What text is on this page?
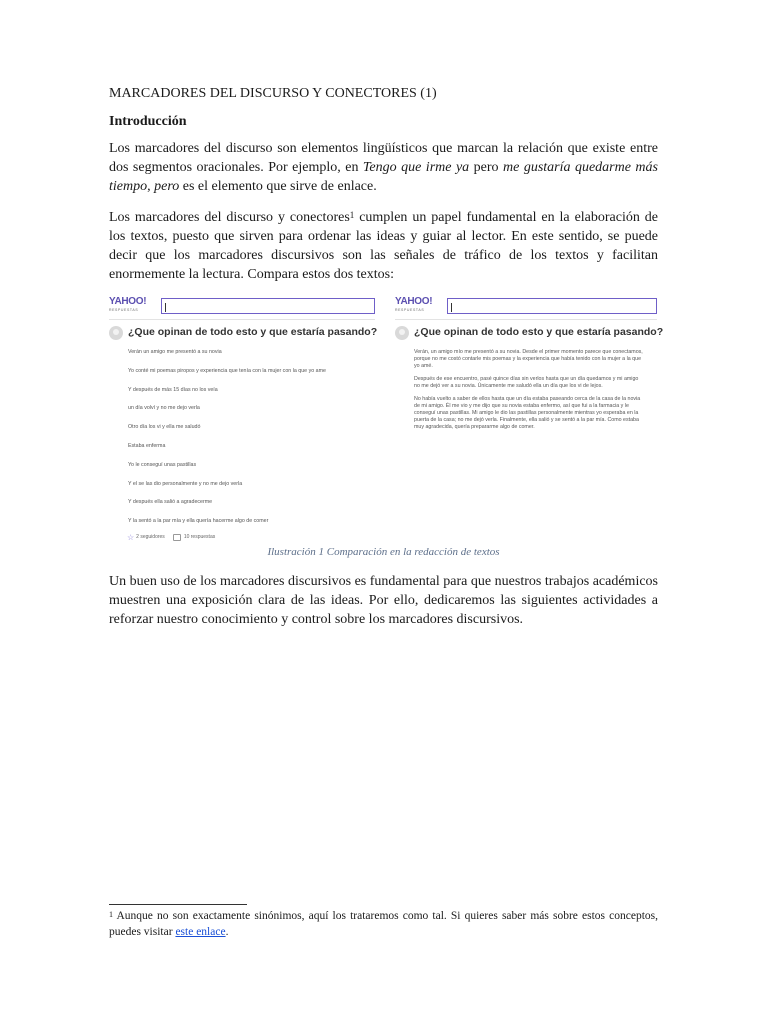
MARCADORES DEL DISCURSO Y CONECTORES (1)
Introducción

Los marcadores del discurso son elementos lingüísticos que marcan la relación que existe entre dos segmentos oracionales. Por ejemplo, en Tengo que irme ya pero me gustaría quedarme más tiempo, pero es el elemento que sirve de enlace.

Los marcadores del discurso y conectores$^1$ cumplen un papel fundamental en la elaboración de los textos, puesto que sirven para ordenar las ideas y guiar al lector. En este sentido, se puede decir que los marcadores discursivos son las señales de tráfico de los textos y facilitan enormemente la lectura. Compara estos dos textos:

YAHOO!
RESPUESTAS
¿Que opinan de todo esto y que estaría pasando?
Verán un amigo me presentó a su novia
Yo conté mi poemas piropos y experiencia que tenía con la mujer con la que yo ame
Y después de más 15 días no los veía
un día volví y no me dejo verla
Otro día los vi y ella me saludó
Estaba enferma
Yo le conseguí unas pastillas
Y el se las dio personalmente y no me dejo verla
Y después ella salió a agradecerme
Y la sentó a la par mía y ella quería hacerme algo de comer
☆ 2 seguidores	10 respuestas
YAHOO!
RESPUESTAS
¿Que opinan de todo esto y que estaría pasando?

Verán, un amigo mío me presentó a su novia. Desde el primer momento parece que conectamos, porque no me costó contarle mis poemas y la experiencia que había tenido con la mujer a la que yo amé.

Después de ese encuentro, pasé quince días sin verlos hasta que un día quedamos y mi amigo no me dejó ver a su novia. Únicamente me saludó ella un día que los vi de lejos.

No había vuelto a saber de ellos hasta que un día estaba paseando cerca de la casa de la novia de mi amigo. Él me vio y me dijo que su novia estaba enfermo, así que fui a la farmacia y le conseguí unas pastillas. Mi amigo le dio las pastillas personalmente mientras yo esperaba en la puerta de la casa; no me dejó verla. Finalmente, ella salió y se sentó a la par mía. Como estaba muy agradecida, quería prepararme algo de comer.

Ilustración 1 Comparación en la redacción de textos

Un buen uso de los marcadores discursivos es fundamental para que nuestros trabajos académicos muestren una exposición clara de las ideas. Por ello, dedicaremos las siguientes actividades a reforzar nuestro conocimiento y control sobre los marcadores discursivos.

$^1$ Aunque no son exactamente sinónimos, aquí los trataremos como tal. Si quieres saber más sobre estos conceptos, puedes visitar este enlace.
